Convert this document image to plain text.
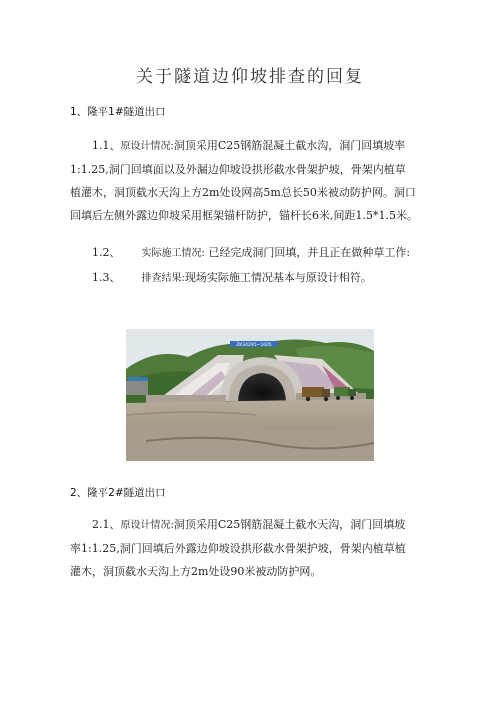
关于隧道边仰坡排查的回复
1、隆平1#隧道出口
1.1、原设计情况:洞顶采用C25钢筋混凝土截水沟，洞门回填坡率
1:1.25,洞门回填面以及外漏边仰坡设拱形截水骨架护坡，骨架内植草
植灌木，洞顶截水天沟上方2m处设网高5m总长50米被动防护网。洞口
回填后左侧外露边仰坡采用框架锚杆防护，锚杆长6米,间距1.5*1.5米。
1.2、 实际施工情况: 已经完成洞门回填，并且正在做种草工作:
1.3、 排查结果:现场实际施工情况基本与原设计相符。
ZK34295~1605
2、隆平2#隧道出口
2.1、原设计情况:洞顶采用C25钢筋混凝土截水天沟，洞门回填坡
率1:1.25,洞门回填后外露边仰坡设拱形截水骨架护坡，骨架内植草植
灌木，洞顶截水天沟上方2m处设90米被动防护网。
